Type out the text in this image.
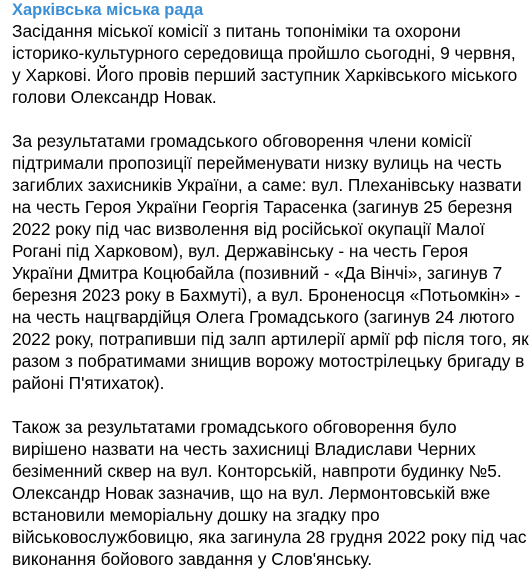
Харківська міська рада
Засідання міської комісії з питань топоніміки та охорони
історико-культурного середовища пройшло сьогодні, 9 червня,
у Харкові. Його провів перший заступник Харківського міського
голови Олександр Новак.
За результатами громадського обговорення члени комісії
підтримали пропозиції перейменувати низку вулиць на честь
загиблих захисників України, а саме: вул. Плеханівську назвати
на честь Героя України Георгія Тарасенка (загинув 25 березня
2022 року під час визволення від російської окупації Малої
Рогані під Харковом), вул. Державінську - на честь Героя
України Дмитра Коцюбайла (позивний - «Да Вінчі», загинув 7
березня 2023 року в Бахмуті), а вул. Броненосця «Потьомкін» -
на честь нацгвардійця Олега Громадського (загинув 24 лютого
2022 року, потрапивши під залп артилерії армії рф після того, як
разом з побратимами знищив ворожу мотострілецьку бригаду в
районі П'ятихаток).
Також за результатами громадського обговорення було
вирішено назвати на честь захисниці Владислави Черних
безіменний сквер на вул. Конторській, навпроти будинку №5.
Олександр Новак зазначив, що на вул. Лермонтовській вже
встановили меморіальну дошку на згадку про
військовослужбовицю, яка загинула 28 грудня 2022 року під час
виконання бойового завдання у Слов'янську.
